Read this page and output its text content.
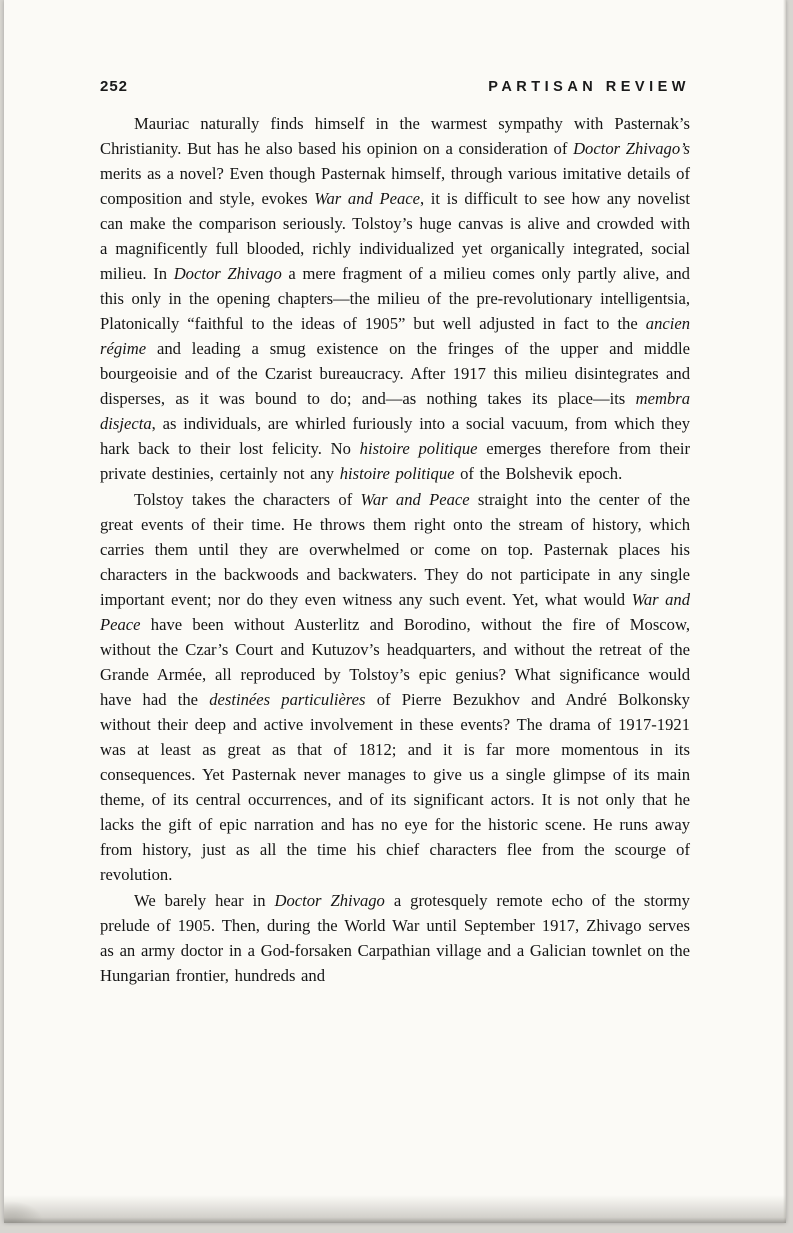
252	PARTISAN REVIEW

Mauriac naturally finds himself in the warmest sympathy with Pasternak’s Christianity. But has he also based his opinion on a consideration of Doctor Zhivago’s merits as a novel? Even though Pasternak himself, through various imitative details of composition and style, evokes War and Peace, it is difficult to see how any novelist can make the comparison seriously. Tolstoy’s huge canvas is alive and crowded with a magnificently full blooded, richly individualized yet organically integrated, social milieu. In Doctor Zhivago a mere fragment of a milieu comes only partly alive, and this only in the opening chapters—the milieu of the pre-revolutionary intelligentsia, Platonically “faithful to the ideas of 1905” but well adjusted in fact to the ancien régime and leading a smug existence on the fringes of the upper and middle bourgeoisie and of the Czarist bureaucracy. After 1917 this milieu disintegrates and disperses, as it was bound to do; and—as nothing takes its place—its membra disjecta, as individuals, are whirled furiously into a social vacuum, from which they hark back to their lost felicity. No histoire politique emerges therefore from their private destinies, certainly not any histoire politique of the Bolshevik epoch.

Tolstoy takes the characters of War and Peace straight into the center of the great events of their time. He throws them right onto the stream of history, which carries them until they are overwhelmed or come on top. Pasternak places his characters in the backwoods and backwaters. They do not participate in any single important event; nor do they even witness any such event. Yet, what would War and Peace have been without Austerlitz and Borodino, without the fire of Moscow, without the Czar’s Court and Kutuzov’s headquarters, and without the retreat of the Grande Armée, all reproduced by Tolstoy’s epic genius? What significance would have had the destinées particulières of Pierre Bezukhov and André Bolkonsky without their deep and active involvement in these events? The drama of 1917-1921 was at least as great as that of 1812; and it is far more momentous in its consequences. Yet Pasternak never manages to give us a single glimpse of its main theme, of its central occurrences, and of its significant actors. It is not only that he lacks the gift of epic narration and has no eye for the historic scene. He runs away from history, just as all the time his chief characters flee from the scourge of revolution.

We barely hear in Doctor Zhivago a grotesquely remote echo of the stormy prelude of 1905. Then, during the World War until September 1917, Zhivago serves as an army doctor in a God-forsaken Carpathian village and a Galician townlet on the Hungarian frontier, hundreds and
